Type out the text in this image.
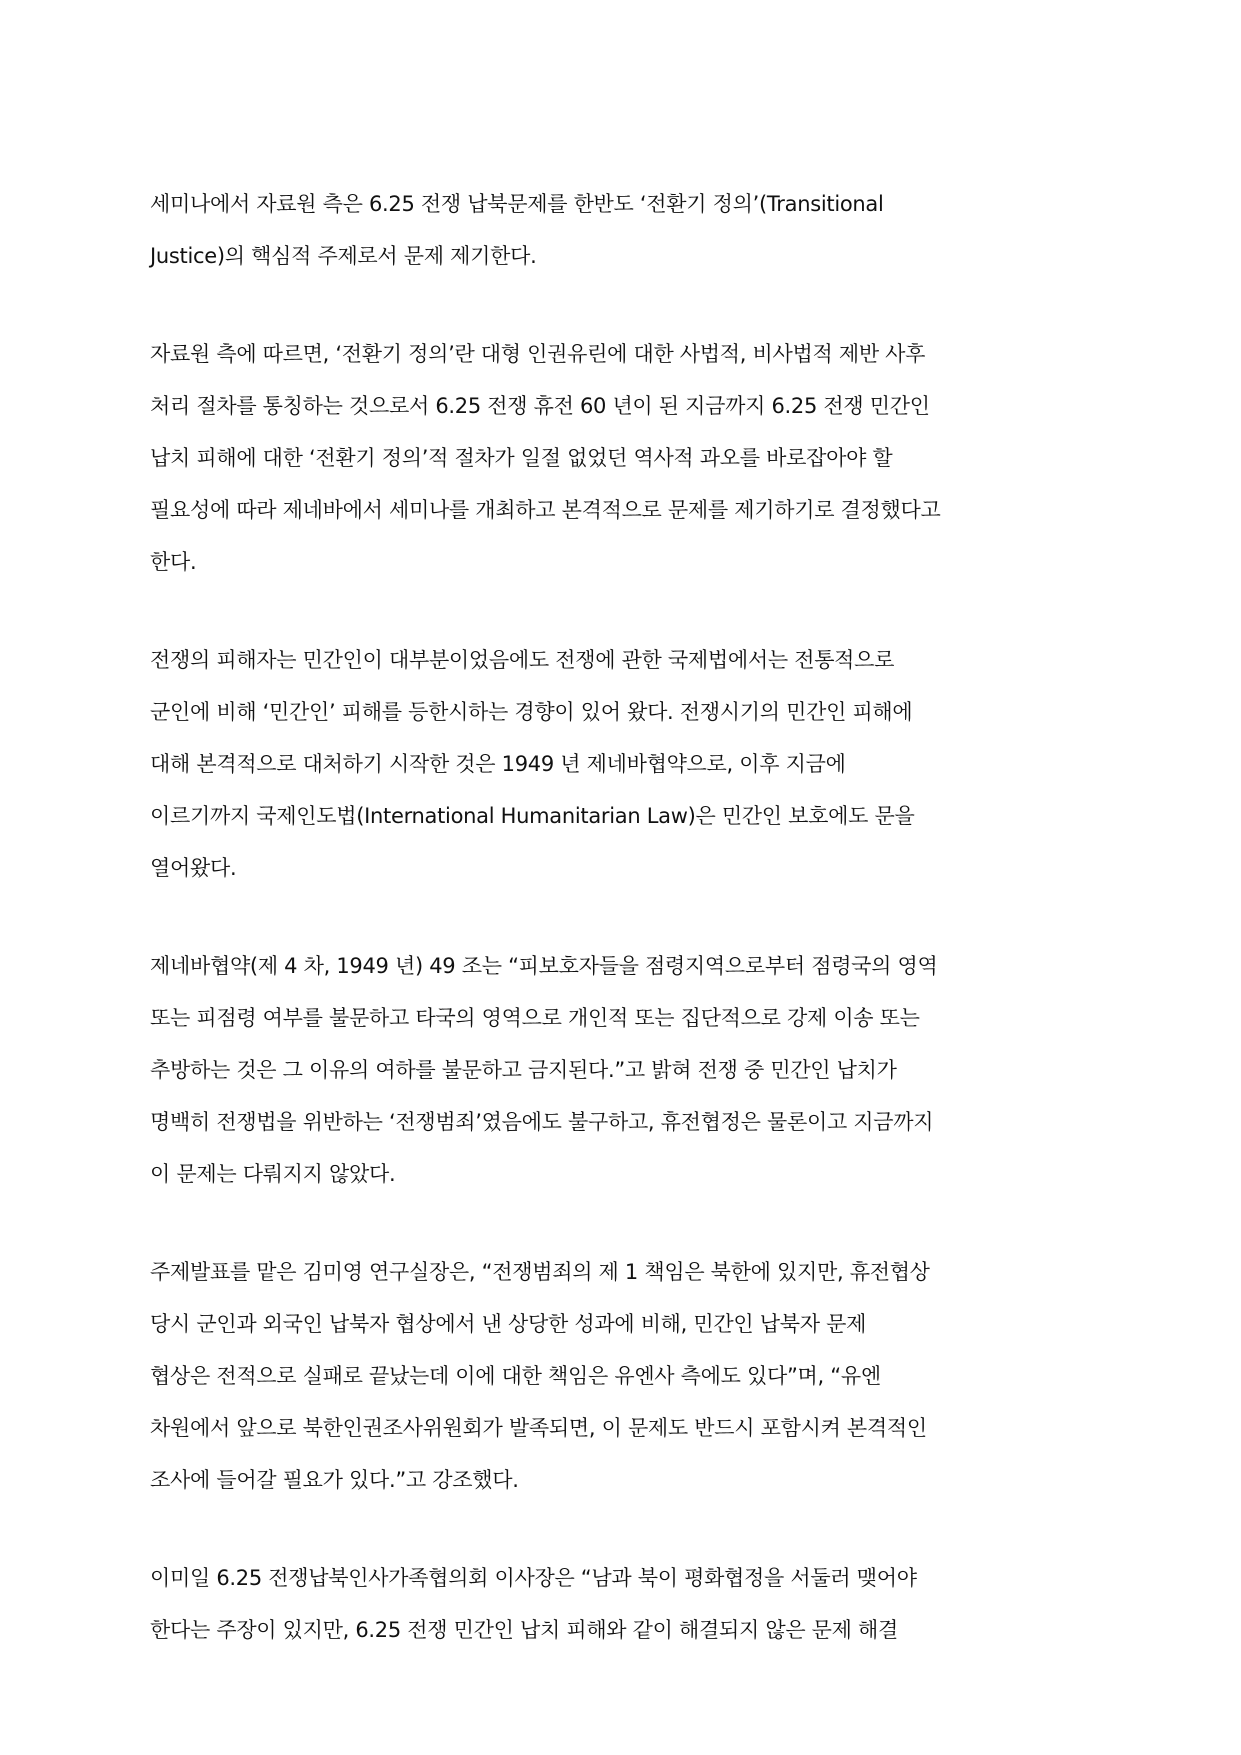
세미나에서 자료원 측은 6.25 전쟁 납북문제를 한반도 ‘전환기 정의’(Transitional
Justice)의 핵심적 주제로서 문제 제기한다.
자료원 측에 따르면, ‘전환기 정의’란 대형 인권유린에 대한 사법적, 비사법적 제반 사후
처리 절차를 통칭하는 것으로서 6.25 전쟁 휴전 60 년이 된 지금까지 6.25 전쟁 민간인
납치 피해에 대한 ‘전환기 정의’적 절차가 일절 없었던 역사적 과오를 바로잡아야 할
필요성에 따라 제네바에서 세미나를 개최하고 본격적으로 문제를 제기하기로 결정했다고
한다.
전쟁의 피해자는 민간인이 대부분이었음에도 전쟁에 관한 국제법에서는 전통적으로
군인에 비해 ‘민간인’ 피해를 등한시하는 경향이 있어 왔다. 전쟁시기의 민간인 피해에
대해 본격적으로 대처하기 시작한 것은 1949 년 제네바협약으로, 이후 지금에
이르기까지 국제인도법(International Humanitarian Law)은 민간인 보호에도 문을
열어왔다.
제네바협약(제 4 차, 1949 년) 49 조는 “피보호자들을 점령지역으로부터 점령국의 영역
또는 피점령 여부를 불문하고 타국의 영역으로 개인적 또는 집단적으로 강제 이송 또는
추방하는 것은 그 이유의 여하를 불문하고 금지된다.”고 밝혀 전쟁 중 민간인 납치가
명백히 전쟁법을 위반하는 ‘전쟁범죄’였음에도 불구하고, 휴전협정은 물론이고 지금까지
이 문제는 다뤄지지 않았다.
주제발표를 맡은 김미영 연구실장은, “전쟁범죄의 제 1 책임은 북한에 있지만, 휴전협상
당시 군인과 외국인 납북자 협상에서 낸 상당한 성과에 비해, 민간인 납북자 문제
협상은 전적으로 실패로 끝났는데 이에 대한 책임은 유엔사 측에도 있다”며, “유엔
차원에서 앞으로 북한인권조사위원회가 발족되면, 이 문제도 반드시 포함시켜 본격적인
조사에 들어갈 필요가 있다.”고 강조했다.
이미일 6.25 전쟁납북인사가족협의회 이사장은 “남과 북이 평화협정을 서둘러 맺어야
한다는 주장이 있지만, 6.25 전쟁 민간인 납치 피해와 같이 해결되지 않은 문제 해결
